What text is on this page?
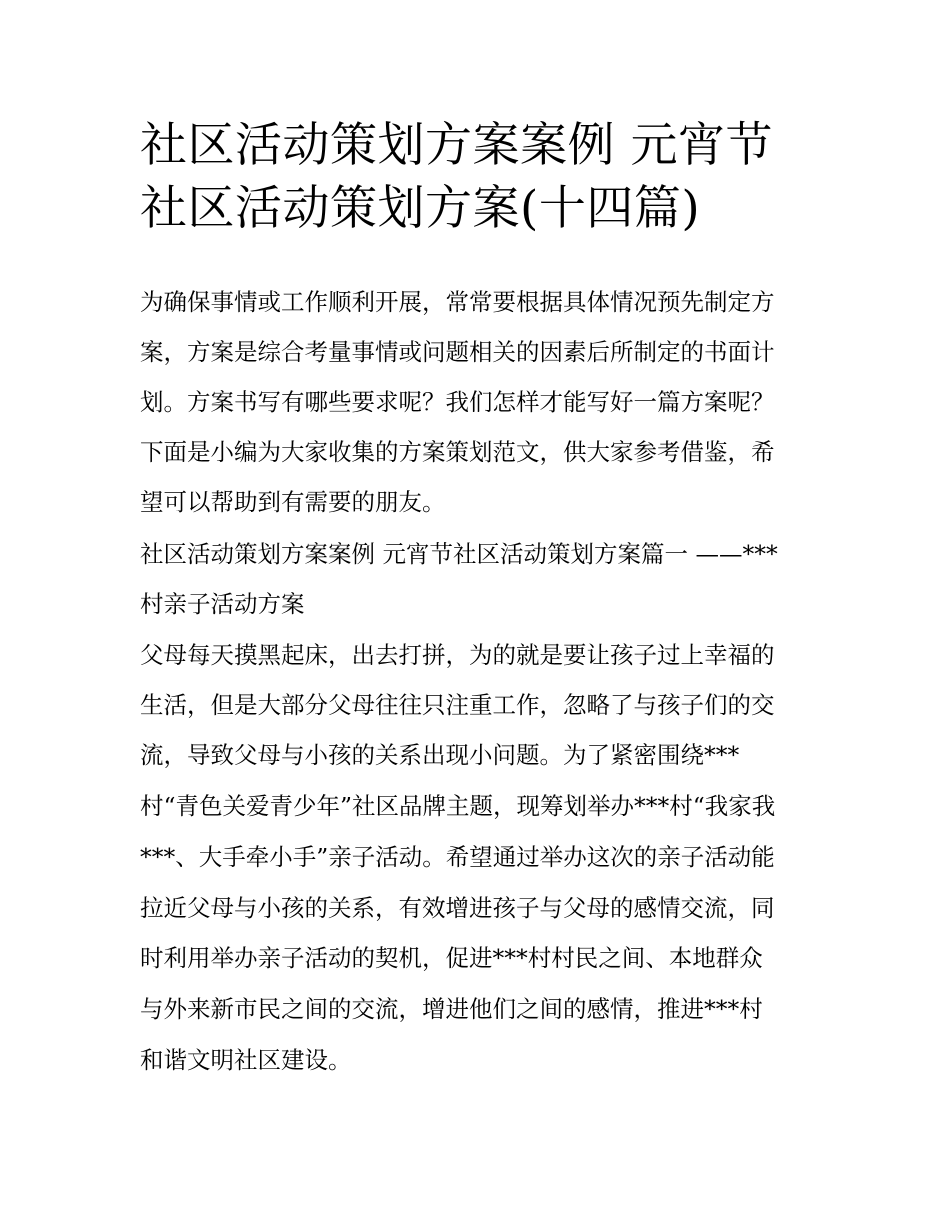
社区活动策划方案案例 元宵节
社区活动策划方案(十四篇)

为确保事情或工作顺利开展，常常要根据具体情况预先制定方

案，方案是综合考量事情或问题相关的因素后所制定的书面计

划。方案书写有哪些要求呢？我们怎样才能写好一篇方案呢？

下面是小编为大家收集的方案策划范文，供大家参考借鉴，希

望可以帮助到有需要的朋友。

社区活动策划方案案例 元宵节社区活动策划方案篇一 ——***

村亲子活动方案

父母每天摸黑起床，出去打拼，为的就是要让孩子过上幸福的

生活，但是大部分父母往往只注重工作，忽略了与孩子们的交

流，导致父母与小孩的关系出现小问题。为了紧密围绕***

村“青色关爱青少年”社区品牌主题，现筹划举办***村“我家我

***、大手牵小手”亲子活动。希望通过举办这次的亲子活动能

拉近父母与小孩的关系，有效增进孩子与父母的感情交流，同

时利用举办亲子活动的契机，促进***村村民之间、本地群众

与外来新市民之间的交流，增进他们之间的感情，推进***村

和谐文明社区建设。
